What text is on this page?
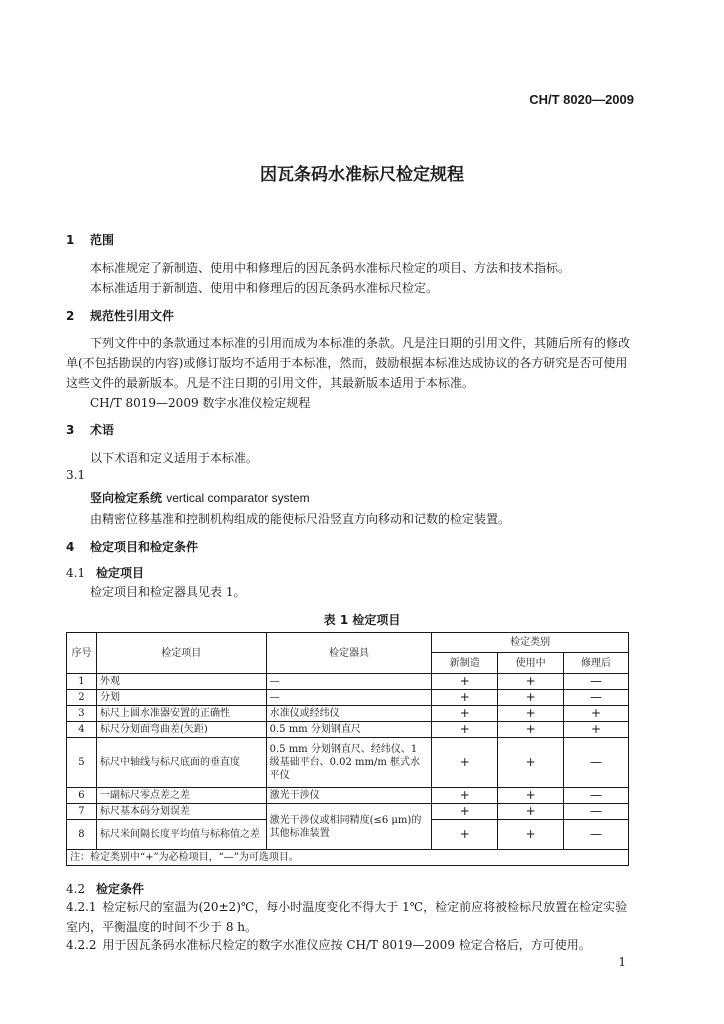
CH/T 8020—2009
因瓦条码水准标尺检定规程
1 范围
本标准规定了新制造、使用中和修理后的因瓦条码水准标尺检定的项目、方法和技术指标。
本标准适用于新制造、使用中和修理后的因瓦条码水准标尺检定。
2 规范性引用文件
下列文件中的条款通过本标准的引用而成为本标准的条款。凡是注日期的引用文件，其随后所有的修改单(不包括勘误的内容)或修订版均不适用于本标准，然而，鼓励根据本标准达成协议的各方研究是否可使用这些文件的最新版本。凡是不注日期的引用文件，其最新版本适用于本标准。
CH/T 8019—2009 数字水准仪检定规程
3 术语
以下术语和定义适用于本标准。
3.1
竖向检定系统 vertical comparator system
由精密位移基准和控制机构组成的能使标尺沿竖直方向移动和记数的检定装置。
4 检定项目和检定条件
4.1 检定项目
检定项目和检定器具见表 1。
表 1 检定项目
序号	检定项目	检定器具	检定类别		
			新制造	使用中	修理后
1	外观	—	+	+	—
2	分划	—	+	+	—
3	标尺上圆水准器安置的正确性	水准仪或经纬仪	+	+	+
4	标尺分划面弯曲差(矢距)	0.5 mm 分划钢直尺	+	+	+
5	标尺中轴线与标尺底面的垂直度	0.5 mm 分划钢直尺、经纬仪、1 级基础平台、0.02 mm/m 框式水平仪	+	+	—
6	一副标尺零点差之差	激光干涉仪	+	+	—
7	标尺基本码分划误差	激光干涉仪或相同精度(≤6 μm)的其他标准装置	+	+	—
8	标尺米间隔长度平均值与标称值之差		+	+	—
注：检定类别中“+”为必检项目，“—”为可选项目。					
4.2 检定条件
4.2.1 检定标尺的室温为(20±2)℃，每小时温度变化不得大于 1℃，检定前应将被检标尺放置在检定实验室内，平衡温度的时间不少于 8 h。
4.2.2 用于因瓦条码水准标尺检定的数字水准仪应按 CH/T 8019—2009 检定合格后，方可使用。
1
